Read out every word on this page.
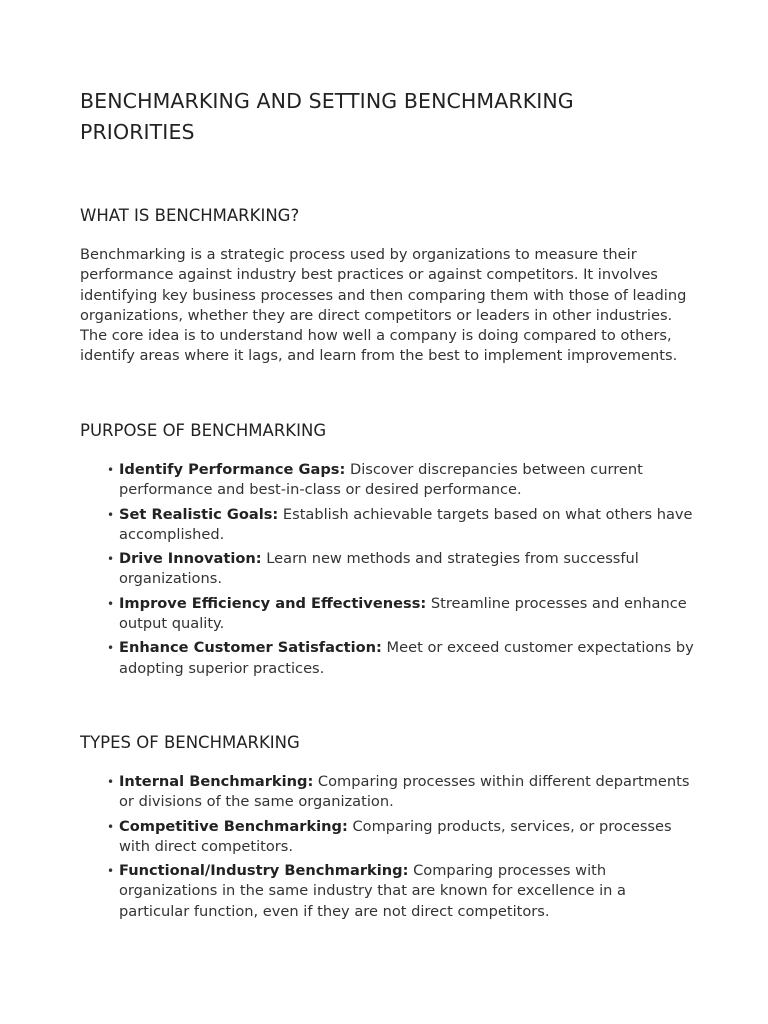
BENCHMARKING AND SETTING BENCHMARKING PRIORITIES
WHAT IS BENCHMARKING?

Benchmarking is a strategic process used by organizations to measure their performance against industry best practices or against competitors. It involves identifying key business processes and then comparing them with those of leading organizations, whether they are direct competitors or leaders in other industries. The core idea is to understand how well a company is doing compared to others, identify areas where it lags, and learn from the best to implement improvements.

PURPOSE OF BENCHMARKING
• Identify Performance Gaps: Discover discrepancies between current performance and best-in-class or desired performance.
• Set Realistic Goals: Establish achievable targets based on what others have accomplished.
• Drive Innovation: Learn new methods and strategies from successful organizations.
• Improve Efficiency and Effectiveness: Streamline processes and enhance output quality.
• Enhance Customer Satisfaction: Meet or exceed customer expectations by adopting superior practices.
TYPES OF BENCHMARKING
• Internal Benchmarking: Comparing processes within different departments or divisions of the same organization.
• Competitive Benchmarking: Comparing products, services, or processes with direct competitors.
• Functional/Industry Benchmarking: Comparing processes with organizations in the same industry that are known for excellence in a particular function, even if they are not direct competitors.
